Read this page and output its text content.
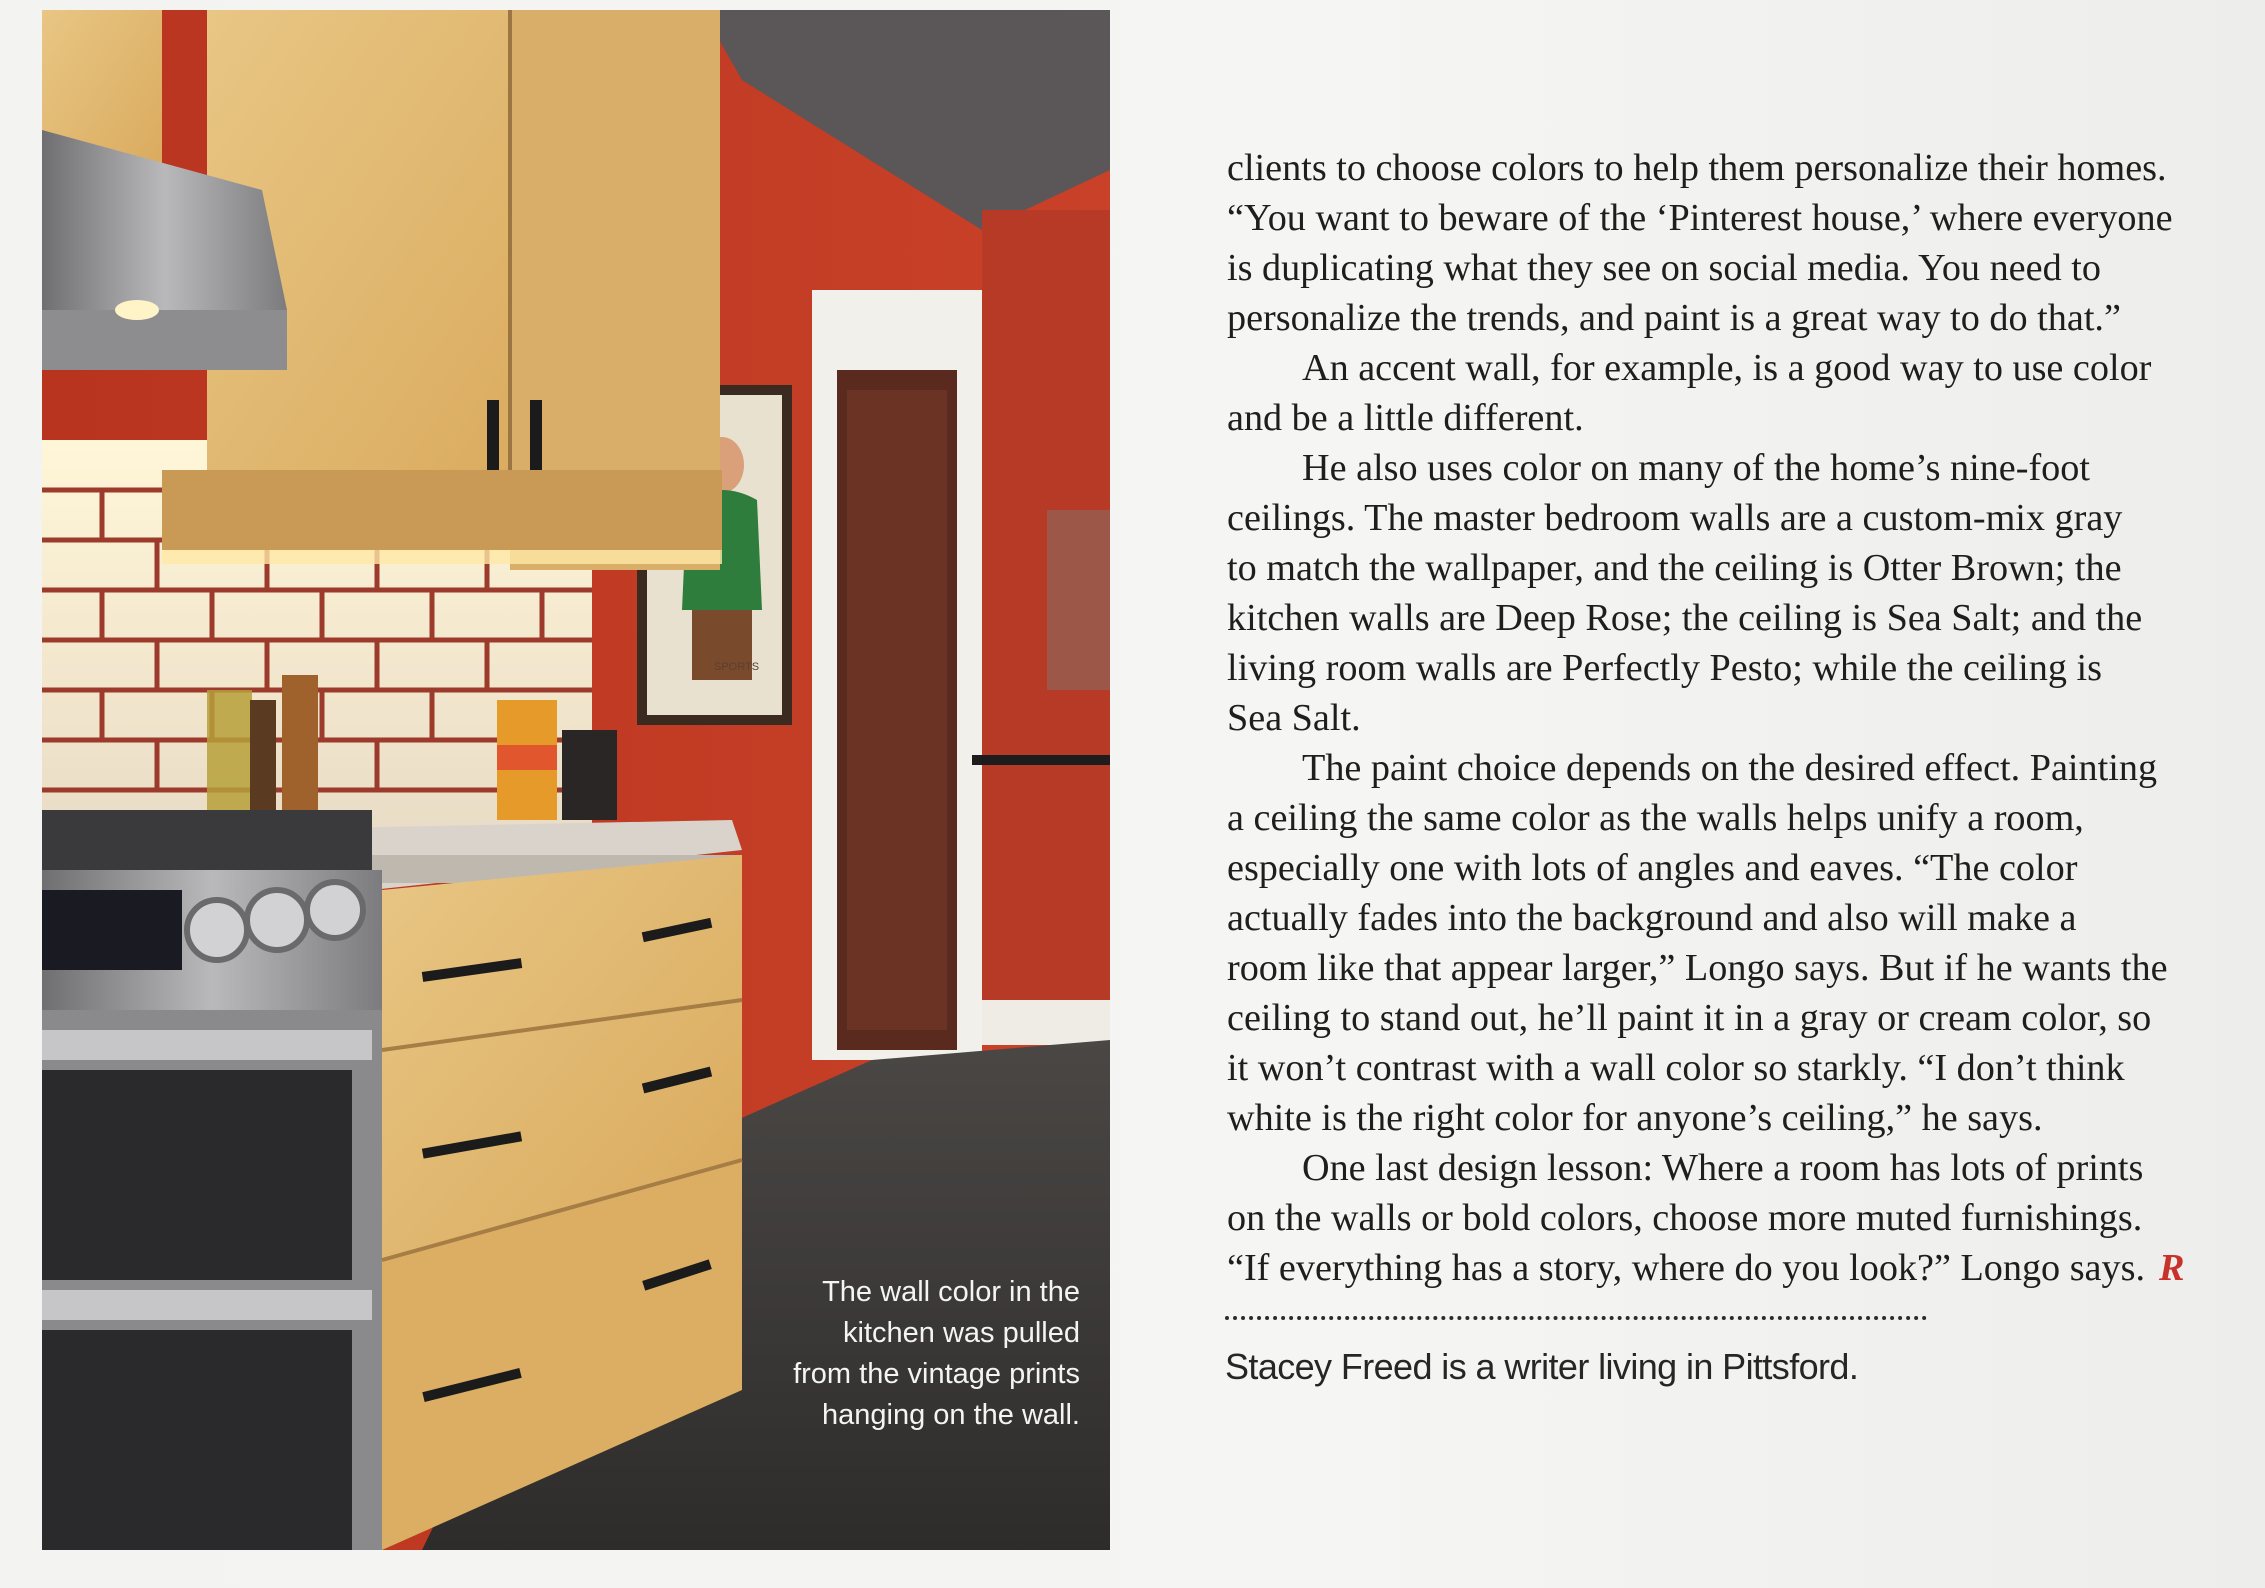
SPORTS
The wall color in the
kitchen was pulled
from the vintage prints
hanging on the wall.
clients to choose colors to help them personalize their homes.
“You want to beware of the ‘Pinterest house,’ where everyone
is duplicating what they see on social media. You need to
personalize the trends, and paint is a great way to do that.”
An accent wall, for example, is a good way to use color
and be a little different.
He also uses color on many of the home’s nine-foot
ceilings. The master bedroom walls are a custom-mix gray
to match the wallpaper, and the ceiling is Otter Brown; the
kitchen walls are Deep Rose; the ceiling is Sea Salt; and the
living room walls are Perfectly Pesto; while the ceiling is
Sea Salt.
The paint choice depends on the desired effect. Painting
a ceiling the same color as the walls helps unify a room,
especially one with lots of angles and eaves. “The color
actually fades into the background and also will make a
room like that appear larger,” Longo says. But if he wants the
ceiling to stand out, he’ll paint it in a gray or cream color, so
it won’t contrast with a wall color so starkly. “I don’t think
white is the right color for anyone’s ceiling,” he says.
One last design lesson: Where a room has lots of prints
on the walls or bold colors, choose more muted furnishings.
“If everything has a story, where do you look?” Longo says. R
Stacey Freed is a writer living in Pittsford.
